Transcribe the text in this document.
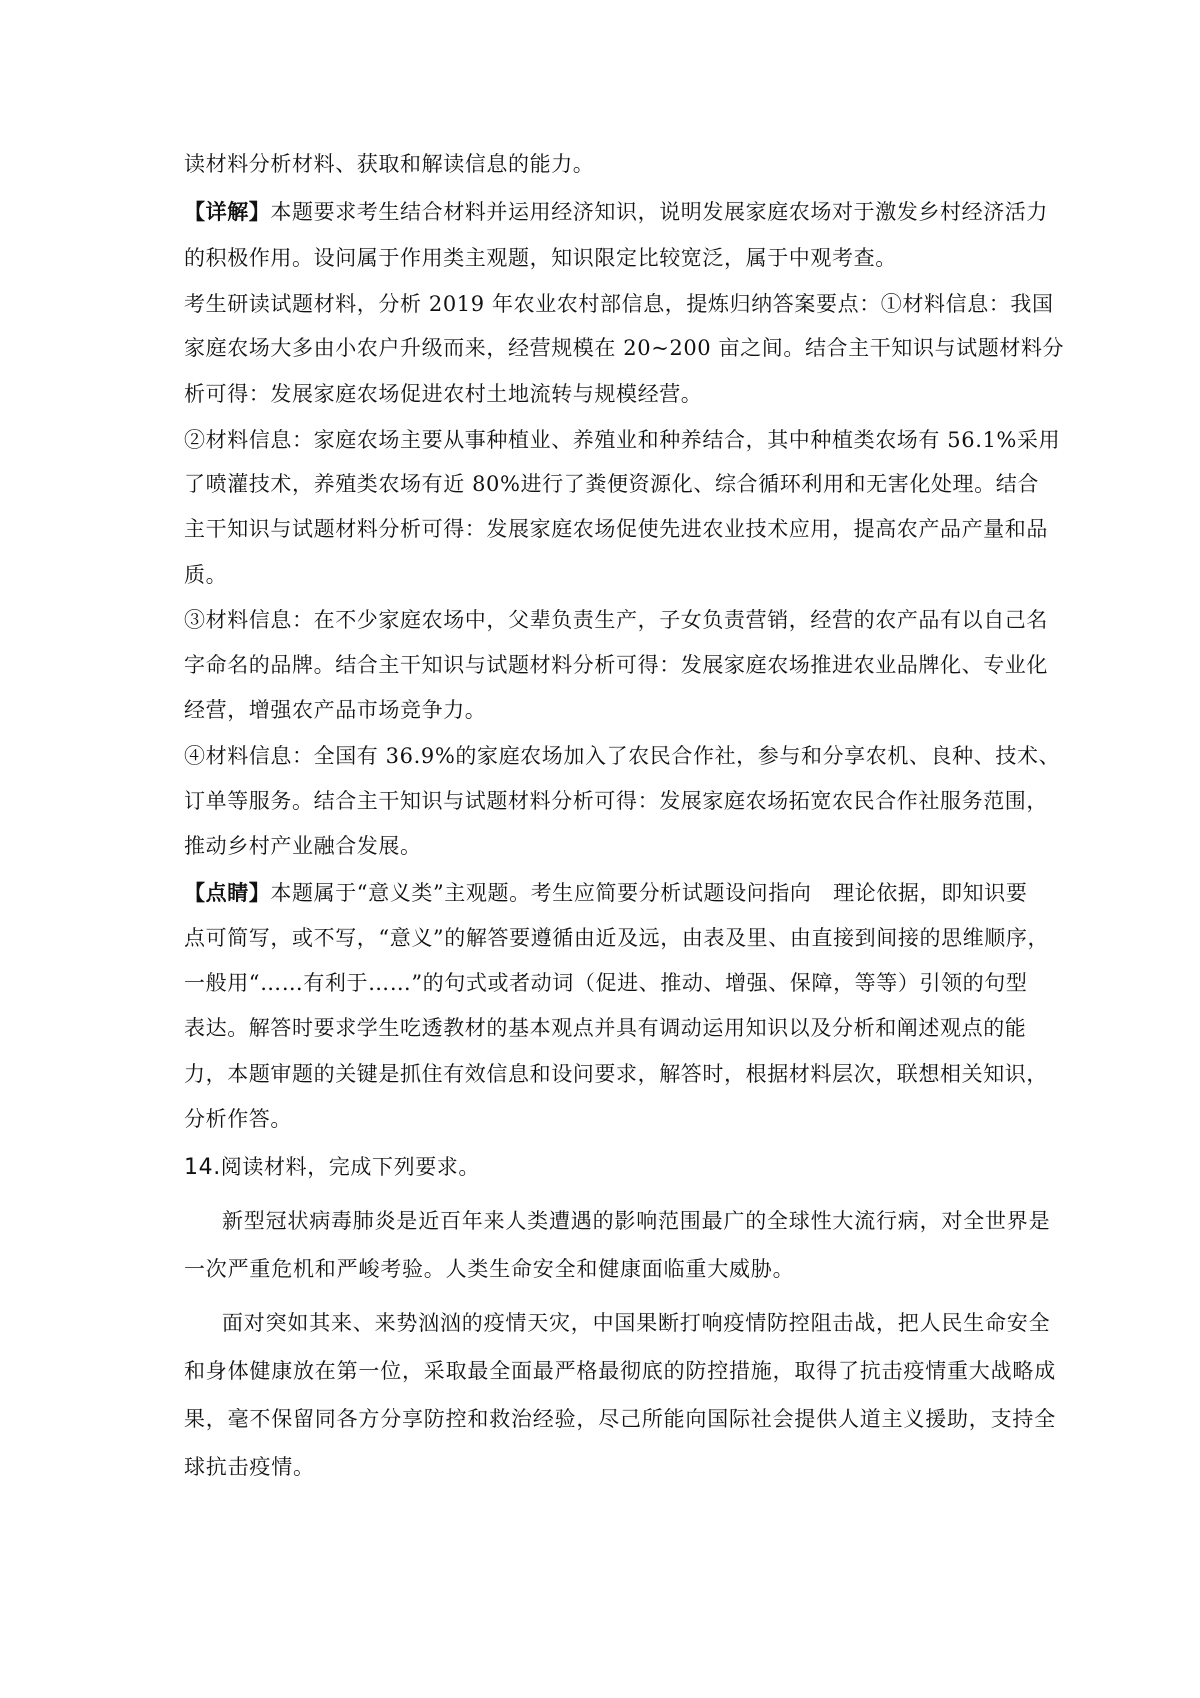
读材料分析材料、获取和解读信息的能力。
【详解】本题要求考生结合材料并运用经济知识，说明发展家庭农场对于激发乡村经济活力
的积极作用。设问属于作用类主观题，知识限定比较宽泛，属于中观考查。
考生研读试题材料，分析 2019 年农业农村部信息，提炼归纳答案要点：①材料信息：我国
家庭农场大多由小农户升级而来，经营规模在 20~200 亩之间。结合主干知识与试题材料分
析可得：发展家庭农场促进农村土地流转与规模经营。
②材料信息：家庭农场主要从事种植业、养殖业和种养结合，其中种植类农场有 56.1%采用
了喷灌技术，养殖类农场有近 80%进行了粪便资源化、综合循环利用和无害化处理。结合
主干知识与试题材料分析可得：发展家庭农场促使先进农业技术应用，提高农产品产量和品
质。
③材料信息：在不少家庭农场中，父辈负责生产，子女负责营销，经营的农产品有以自己名
字命名的品牌。结合主干知识与试题材料分析可得：发展家庭农场推进农业品牌化、专业化
经营，增强农产品市场竞争力。
④材料信息：全国有 36.9%的家庭农场加入了农民合作社，参与和分享农机、良种、技术、
订单等服务。结合主干知识与试题材料分析可得：发展家庭农场拓宽农民合作社服务范围，
推动乡村产业融合发展。
【点睛】本题属于“意义类”主观题。考生应简要分析试题设问指向　理论依据，即知识要
点可简写，或不写，“意义”的解答要遵循由近及远，由表及里、由直接到间接的思维顺序，
一般用“……有利于……”的句式或者动词（促进、推动、增强、保障，等等）引领的句型
表达。解答时要求学生吃透教材的基本观点并具有调动运用知识以及分析和阐述观点的能
力，本题审题的关键是抓住有效信息和设问要求，解答时，根据材料层次，联想相关知识，
分析作答。
14.阅读材料，完成下列要求。
新型冠状病毒肺炎是近百年来人类遭遇的影响范围最广的全球性大流行病，对全世界是
一次严重危机和严峻考验。人类生命安全和健康面临重大威胁。
面对突如其来、来势汹汹的疫情天灾，中国果断打响疫情防控阻击战，把人民生命安全
和身体健康放在第一位，采取最全面最严格最彻底的防控措施，取得了抗击疫情重大战略成
果，毫不保留同各方分享防控和救治经验，尽己所能向国际社会提供人道主义援助，支持全
球抗击疫情。
